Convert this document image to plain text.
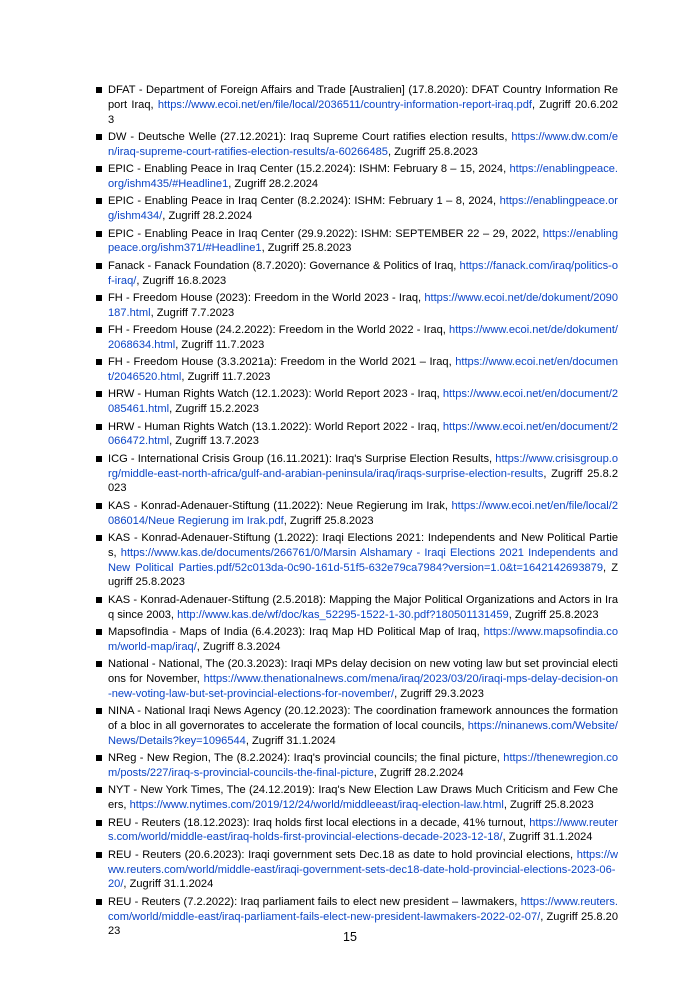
DFAT - Department of Foreign Affairs and Trade [Australien] (17.8.2020): DFAT Country Information Report Iraq, https://www.ecoi.net/en/file/local/2036511/country-information-report-iraq.pdf, Zugriff 20.6.2023
DW - Deutsche Welle (27.12.2021): Iraq Supreme Court ratifies election results, https://www.dw.com/en/iraq-supreme-court-ratifies-election-results/a-60266485, Zugriff 25.8.2023
EPIC - Enabling Peace in Iraq Center (15.2.2024): ISHM: February 8 – 15, 2024, https://enablingpeace.org/ishm435/#Headline1, Zugriff 28.2.2024
EPIC - Enabling Peace in Iraq Center (8.2.2024): ISHM: February 1 – 8, 2024, https://enablingpeace.org/ishm434/, Zugriff 28.2.2024
EPIC - Enabling Peace in Iraq Center (29.9.2022): ISHM: SEPTEMBER 22 – 29, 2022, https://enablingpeace.org/ishm371/#Headline1, Zugriff 25.8.2023
Fanack - Fanack Foundation (8.7.2020): Governance & Politics of Iraq, https://fanack.com/iraq/politics-of-iraq/, Zugriff 16.8.2023
FH - Freedom House (2023): Freedom in the World 2023 - Iraq, https://www.ecoi.net/de/dokument/2090187.html, Zugriff 7.7.2023
FH - Freedom House (24.2.2022): Freedom in the World 2022 - Iraq, https://www.ecoi.net/de/dokument/2068634.html, Zugriff 11.7.2023
FH - Freedom House (3.3.2021a): Freedom in the World 2021 – Iraq, https://www.ecoi.net/en/document/2046520.html, Zugriff 11.7.2023
HRW - Human Rights Watch (12.1.2023): World Report 2023 - Iraq, https://www.ecoi.net/en/document/2085461.html, Zugriff 15.2.2023
HRW - Human Rights Watch (13.1.2022): World Report 2022 - Iraq, https://www.ecoi.net/en/document/2066472.html, Zugriff 13.7.2023
ICG - International Crisis Group (16.11.2021): Iraq's Surprise Election Results, https://www.crisisgroup.org/middle-east-north-africa/gulf-and-arabian-peninsula/iraq/iraqs-surprise-election-results, Zugriff 25.8.2023
KAS - Konrad-Adenauer-Stiftung (11.2022): Neue Regierung im Irak, https://www.ecoi.net/en/file/local/2086014/Neue Regierung im Irak.pdf, Zugriff 25.8.2023
KAS - Konrad-Adenauer-Stiftung (1.2022): Iraqi Elections 2021: Independents and New Political Parties, https://www.kas.de/documents/266761/0/Marsin Alshamary - Iraqi Elections 2021 Independents and New Political Parties.pdf/52c013da-0c90-161d-51f5-632e79ca7984?version=1.0&t=1642142693879, Zugriff 25.8.2023
KAS - Konrad-Adenauer-Stiftung (2.5.2018): Mapping the Major Political Organizations and Actors in Iraq since 2003, http://www.kas.de/wf/doc/kas_52295-1522-1-30.pdf?180501131459, Zugriff 25.8.2023
MapsofIndia - Maps of India (6.4.2023): Iraq Map HD Political Map of Iraq, https://www.mapsofindia.com/world-map/iraq/, Zugriff 8.3.2024
National - National, The (20.3.2023): Iraqi MPs delay decision on new voting law but set provincial elections for November, https://www.thenationalnews.com/mena/iraq/2023/03/20/iraqi-mps-delay-decision-on-new-voting-law-but-set-provincial-elections-for-november/, Zugriff 29.3.2023
NINA - National Iraqi News Agency (20.12.2023): The coordination framework announces the formation of a bloc in all governorates to accelerate the formation of local councils, https://ninanews.com/Website/News/Details?key=1096544, Zugriff 31.1.2024
NReg - New Region, The (8.2.2024): Iraq's provincial councils; the final picture, https://thenewregion.com/posts/227/iraq-s-provincial-councils-the-final-picture, Zugriff 28.2.2024
NYT - New York Times, The (24.12.2019): Iraq's New Election Law Draws Much Criticism and Few Cheers, https://www.nytimes.com/2019/12/24/world/middleeast/iraq-election-law.html, Zugriff 25.8.2023
REU - Reuters (18.12.2023): Iraq holds first local elections in a decade, 41% turnout, https://www.reuters.com/world/middle-east/iraq-holds-first-provincial-elections-decade-2023-12-18/, Zugriff 31.1.2024
REU - Reuters (20.6.2023): Iraqi government sets Dec.18 as date to hold provincial elections, https://www.reuters.com/world/middle-east/iraqi-government-sets-dec18-date-hold-provincial-elections-2023-06-20/, Zugriff 31.1.2024
REU - Reuters (7.2.2022): Iraq parliament fails to elect new president – lawmakers, https://www.reuters.com/world/middle-east/iraq-parliament-fails-elect-new-president-lawmakers-2022-02-07/, Zugriff 25.8.2023	15
